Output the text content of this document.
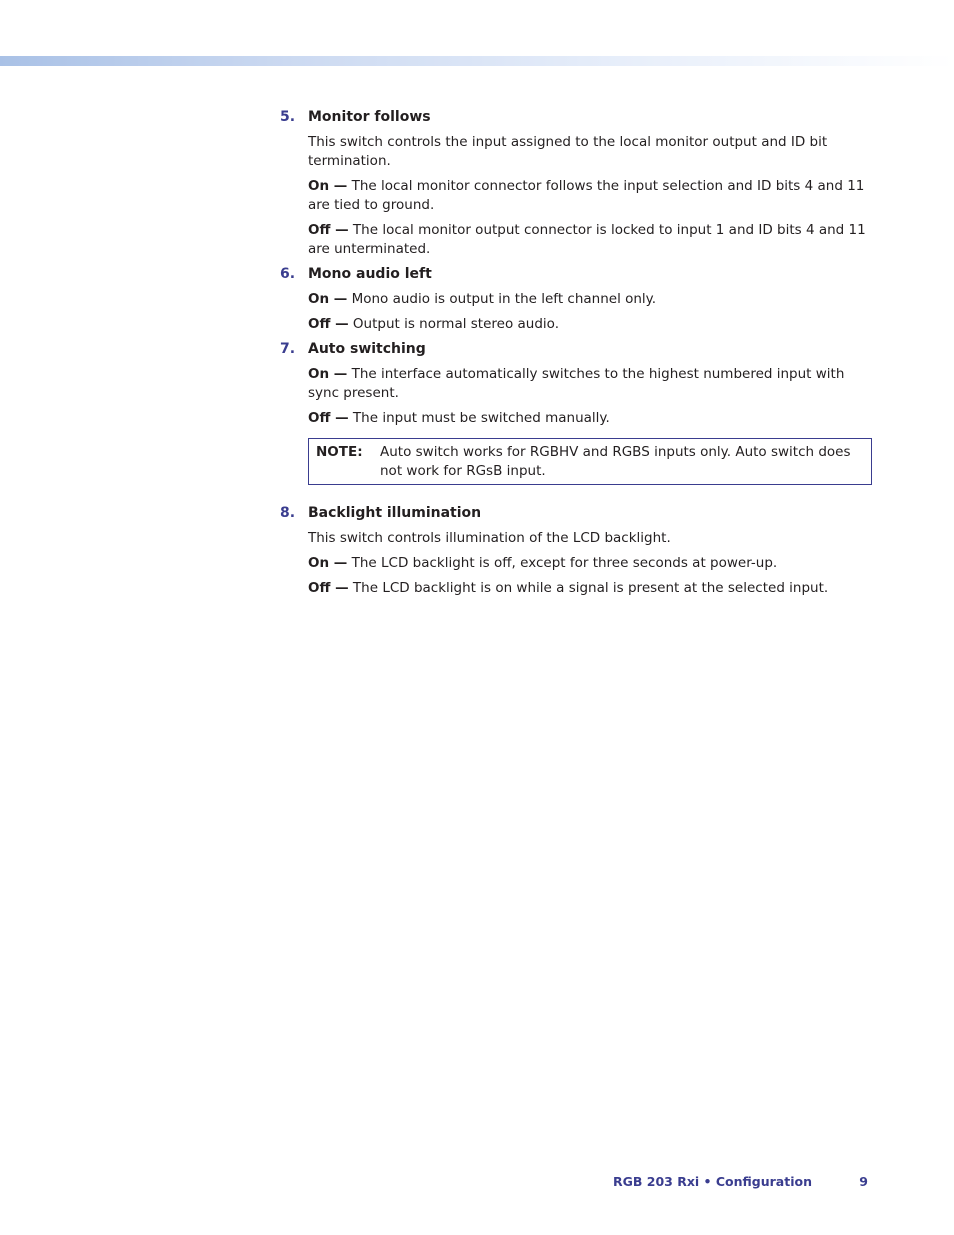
5. Monitor follows
This switch controls the input assigned to the local monitor output and ID bit termination.
On — The local monitor connector follows the input selection and ID bits 4 and 11 are tied to ground.
Off — The local monitor output connector is locked to input 1 and ID bits 4 and 11 are unterminated.
6. Mono audio left
On — Mono audio is output in the left channel only.
Off — Output is normal stereo audio.
7. Auto switching
On — The interface automatically switches to the highest numbered input with sync present.
Off — The input must be switched manually.
NOTE:	Auto switch works for RGBHV and RGBS inputs only. Auto switch does not work for RGsB input.
8. Backlight illumination
This switch controls illumination of the LCD backlight.
On — The LCD backlight is off, except for three seconds at power-up.
Off — The LCD backlight is on while a signal is present at the selected input.
RGB 203 Rxi • Configuration	9
